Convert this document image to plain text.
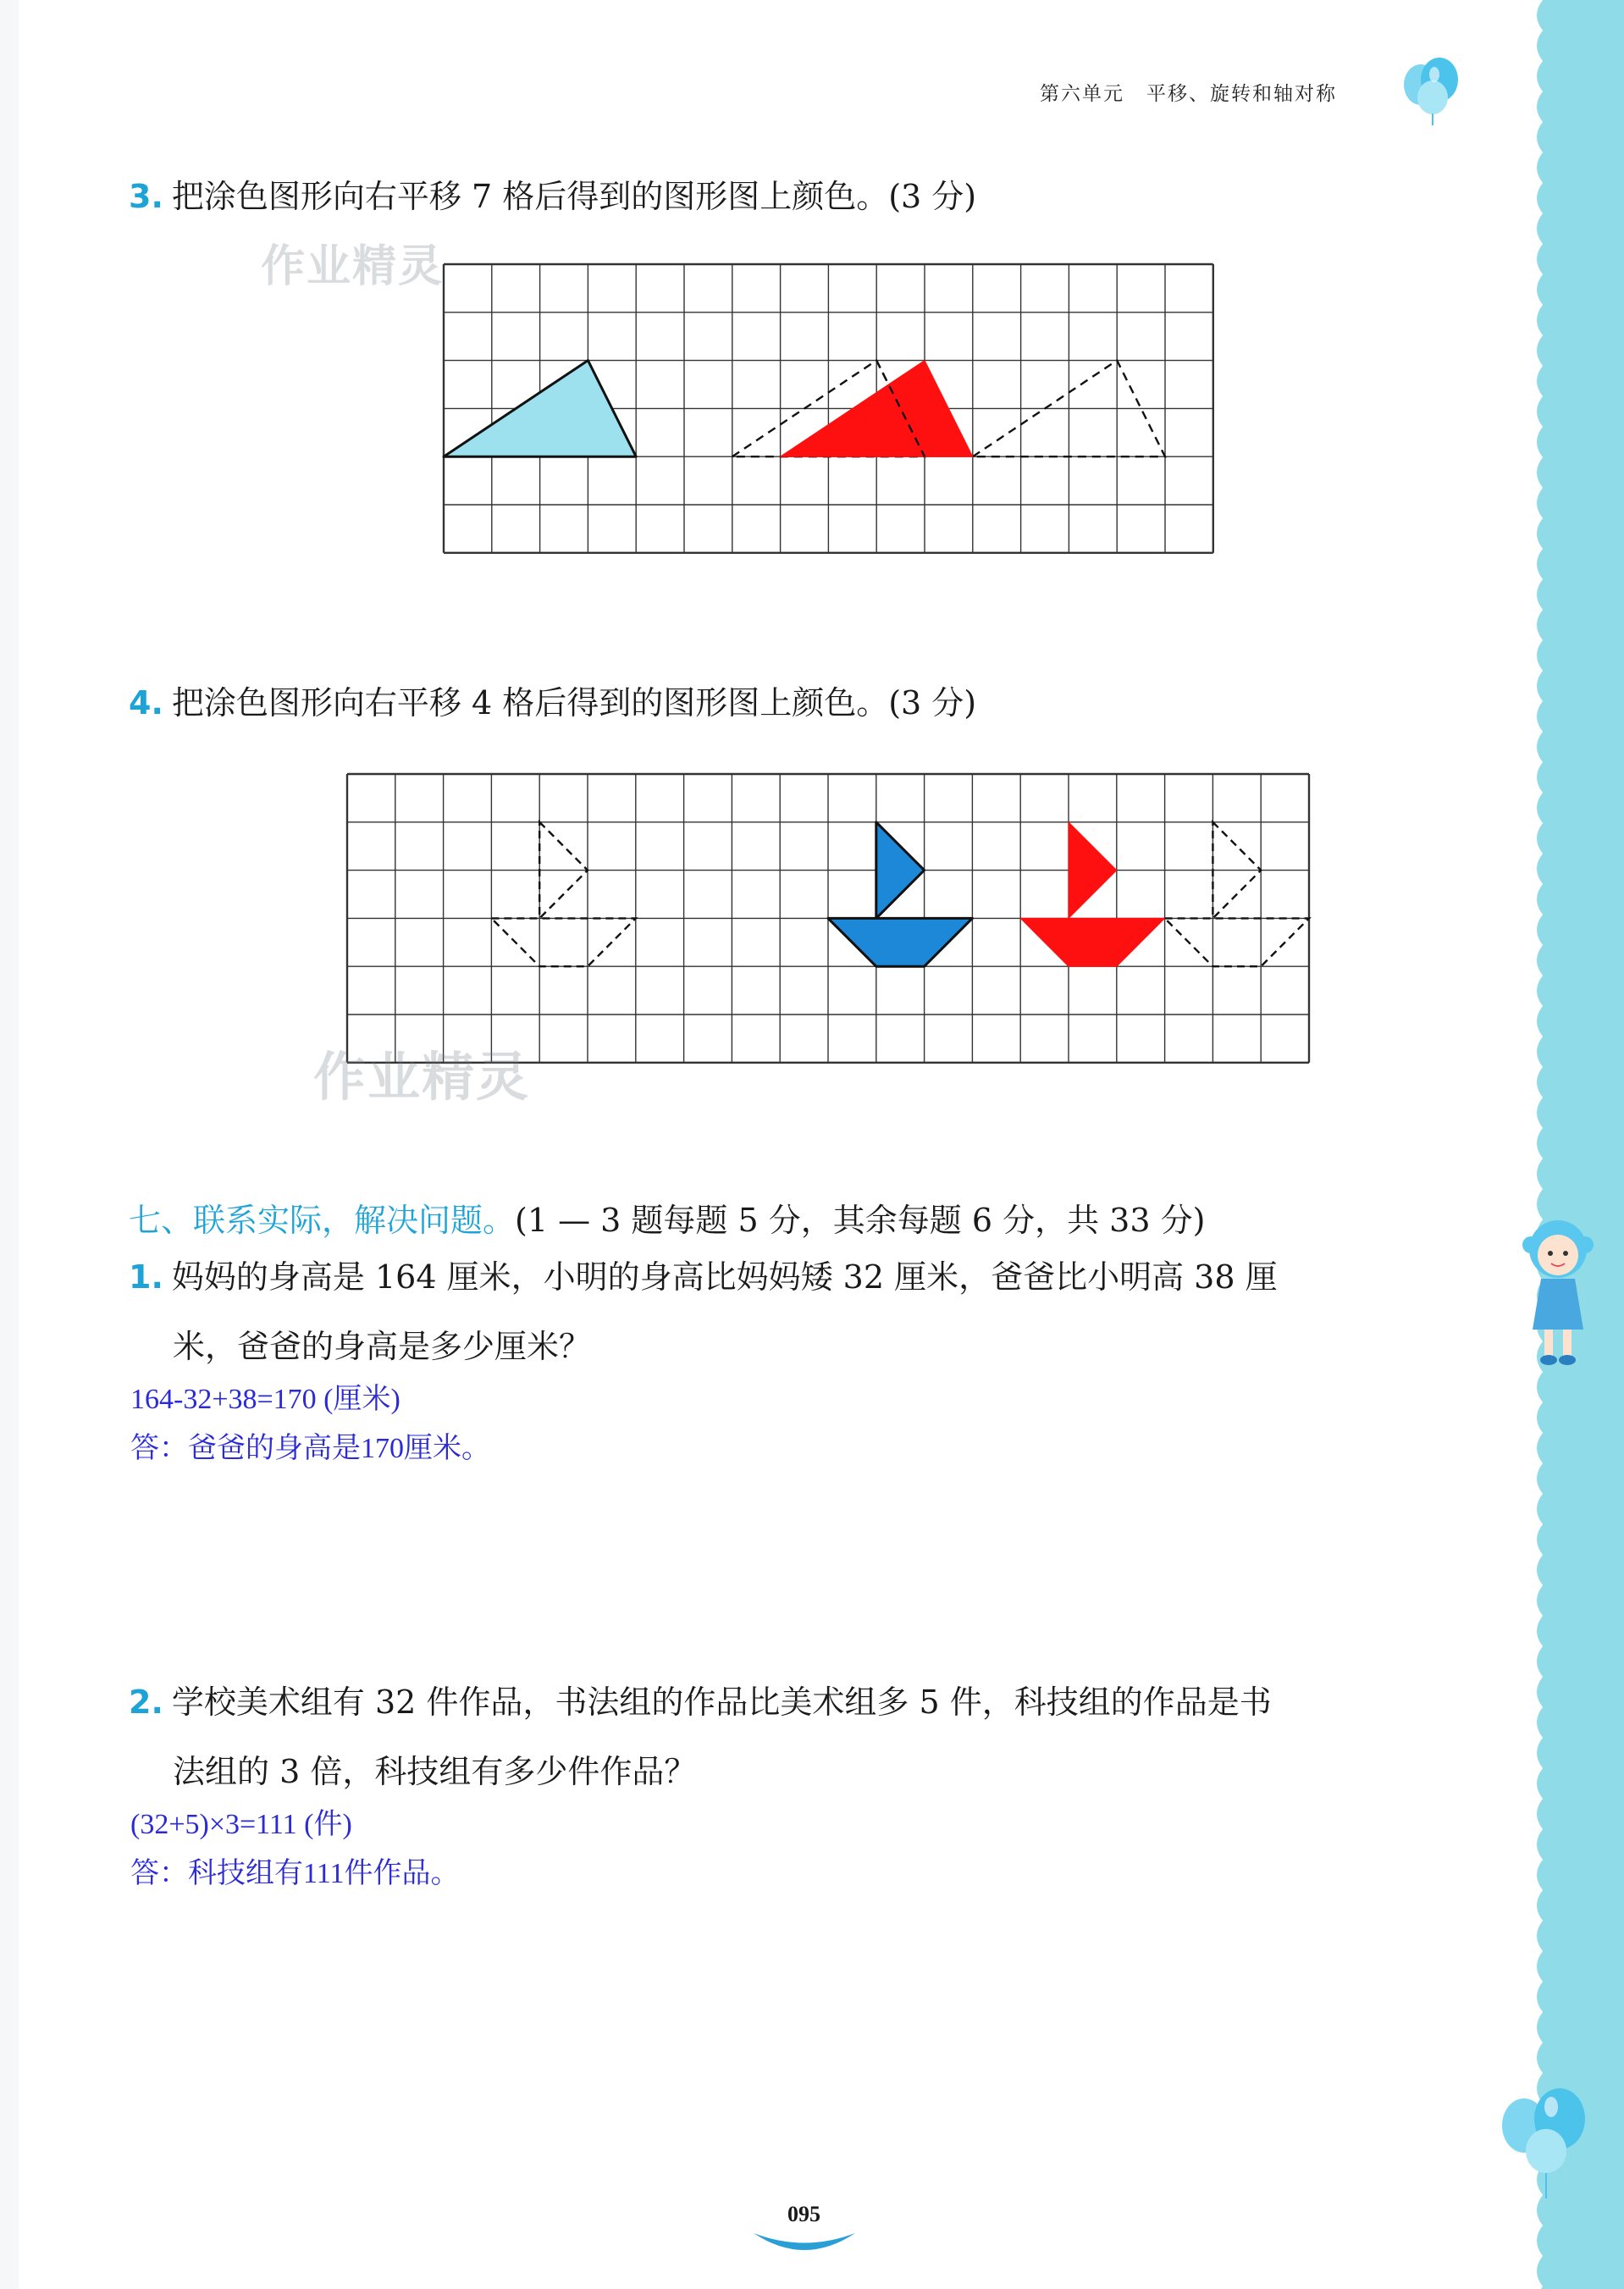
第六单元 平移、旋转和轴对称
3. 把涂色图形向右平移 7 格后得到的图形图上颜色。(3 分)
作业精灵
4. 把涂色图形向右平移 4 格后得到的图形图上颜色。(3 分)
作业精灵
七、联系实际，解决问题。(1 — 3 题每题 5 分，其余每题 6 分，共 33 分)
1. 妈妈的身高是 164 厘米，小明的身高比妈妈矮 32 厘米，爸爸比小明高 38 厘
米，爸爸的身高是多少厘米？
164-32+38=170 (厘米)
答：爸爸的身高是170厘米。
2. 学校美术组有 32 件作品，书法组的作品比美术组多 5 件，科技组的作品是书
法组的 3 倍，科技组有多少件作品？
(32+5)×3=111 (件)
答：科技组有111件作品。
095
